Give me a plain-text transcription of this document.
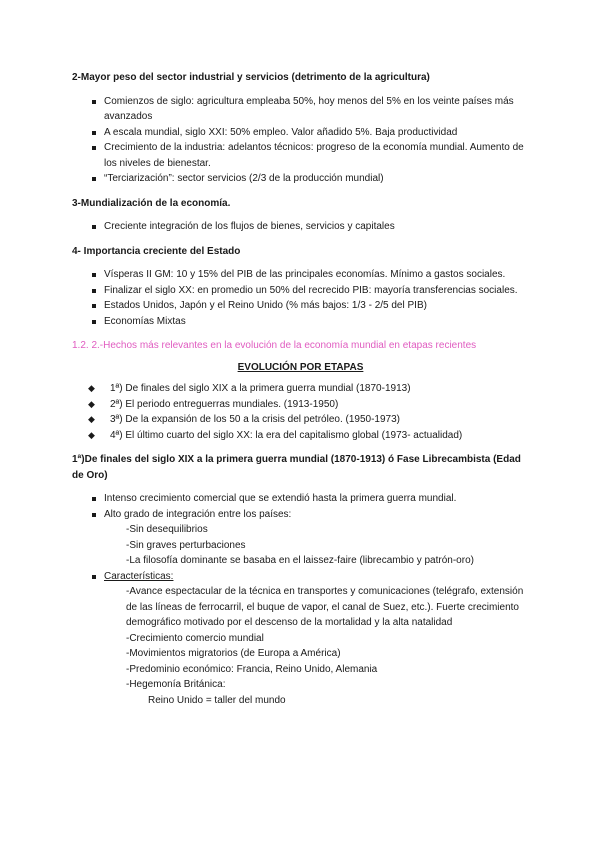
2-Mayor peso del sector industrial y servicios (detrimento de la agricultura)

Comienzos de siglo: agricultura empleaba 50%, hoy menos del 5% en los veinte países más avanzados
A escala mundial, siglo XXI: 50% empleo. Valor añadido 5%. Baja productividad
Crecimiento de la industria: adelantos técnicos: progreso de la economía mundial. Aumento de los niveles de bienestar.
“Terciarización”: sector servicios (2/3 de la producción mundial)

3-Mundialización de la economía.

Creciente integración de los flujos de bienes, servicios y capitales

4- Importancia creciente del Estado

Vísperas II GM: 10 y 15% del PIB de las principales economías. Mínimo a gastos sociales.
Finalizar el siglo XX: en promedio un 50% del recrecido PIB: mayoría transferencias sociales.
Estados Unidos, Japón y el Reino Unido (% más bajos: 1/3 - 2/5 del PIB)
Economías Mixtas

1.2. 2.-Hechos más relevantes en la evolución de la economía mundial en etapas recientes

EVOLUCIÓN POR ETAPAS

◆ 1ª) De finales del siglo XIX a la primera guerra mundial (1870-1913)
◆ 2ª) El periodo entreguerras mundiales. (1913-1950)
◆ 3ª) De la expansión de los 50 a la crisis del petróleo. (1950-1973)
◆ 4ª) El último cuarto del siglo XX: la era del capitalismo global (1973- actualidad)

1ª)De finales del siglo XIX a la primera guerra mundial (1870-1913) ó Fase Librecambista (Edad de Oro)

Intenso crecimiento comercial que se extendió hasta la primera guerra mundial.
Alto grado de integración entre los países:
-Sin desequilibrios
-Sin graves perturbaciones
-La filosofía dominante se basaba en el laissez-faire (librecambio y patrón-oro)
Características:
-Avance espectacular de la técnica en transportes y comunicaciones (telégrafo, extensión de las líneas de ferrocarril, el buque de vapor, el canal de Suez, etc.). Fuerte crecimiento demográfico motivado por el descenso de la mortalidad y la alta natalidad
-Crecimiento comercio mundial
-Movimientos migratorios (de Europa a América)
-Predominio económico: Francia, Reino Unido, Alemania
-Hegemonía Británica:
Reino Unido = taller del mundo
